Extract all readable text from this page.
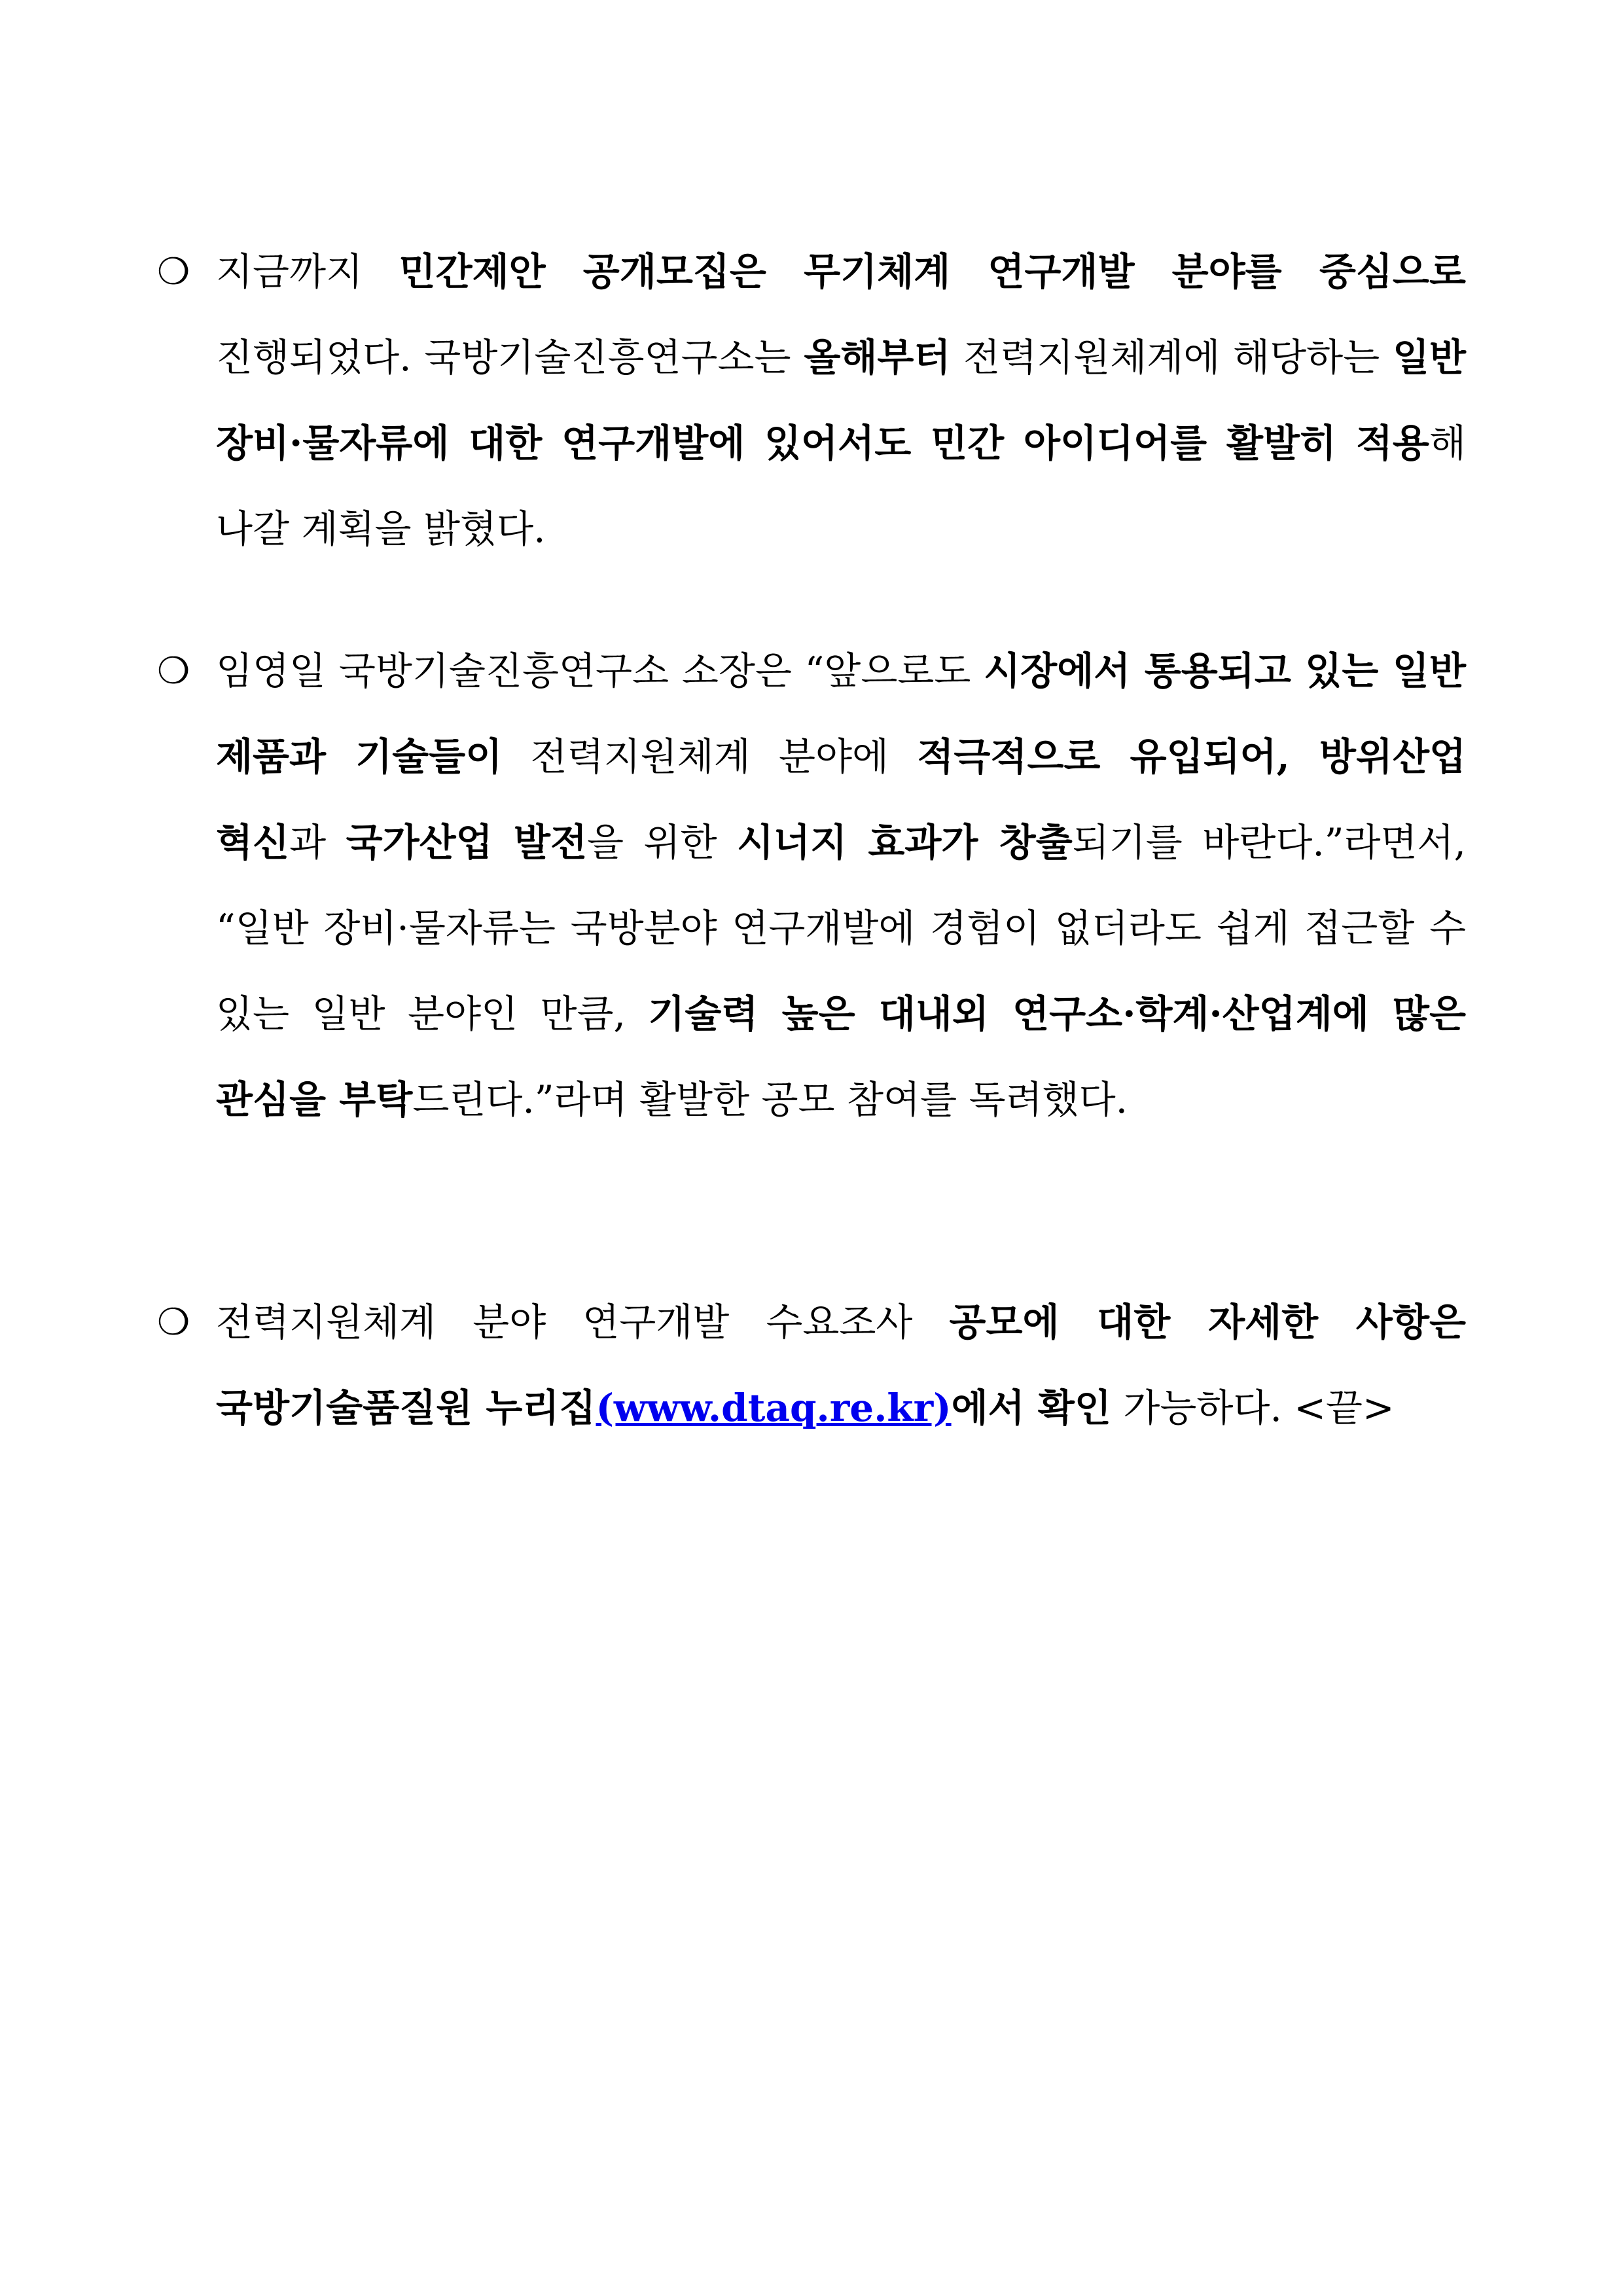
❍ 지금까지 민간제안 공개모집은 무기체계 연구개발 분야를 중심으로 진행되었다. 국방기술진흥연구소는 올해부터 전력지원체계에 해당하는 일반 장비·물자류에 대한 연구개발에 있어서도 민간 아이디어를 활발히 적용해 나갈 계획을 밝혔다.
❍ 임영일 국방기술진흥연구소 소장은 “앞으로도 시장에서 통용되고 있는 일반 제품과 기술들이 전력지원체계 분야에 적극적으로 유입되어, 방위산업 혁신과 국가산업 발전을 위한 시너지 효과가 창출되기를 바란다.”라면서, “일반 장비·물자류는 국방분야 연구개발에 경험이 없더라도 쉽게 접근할 수 있는 일반 분야인 만큼, 기술력 높은 대내외 연구소·학계·산업계에 많은 관심을 부탁드린다.”라며 활발한 공모 참여를 독려했다.
❍ 전력지원체계 분야 연구개발 수요조사 공모에 대한 자세한 사항은 국방기술품질원 누리집(www.dtaq.re.kr)에서 확인 가능하다. <끝>
